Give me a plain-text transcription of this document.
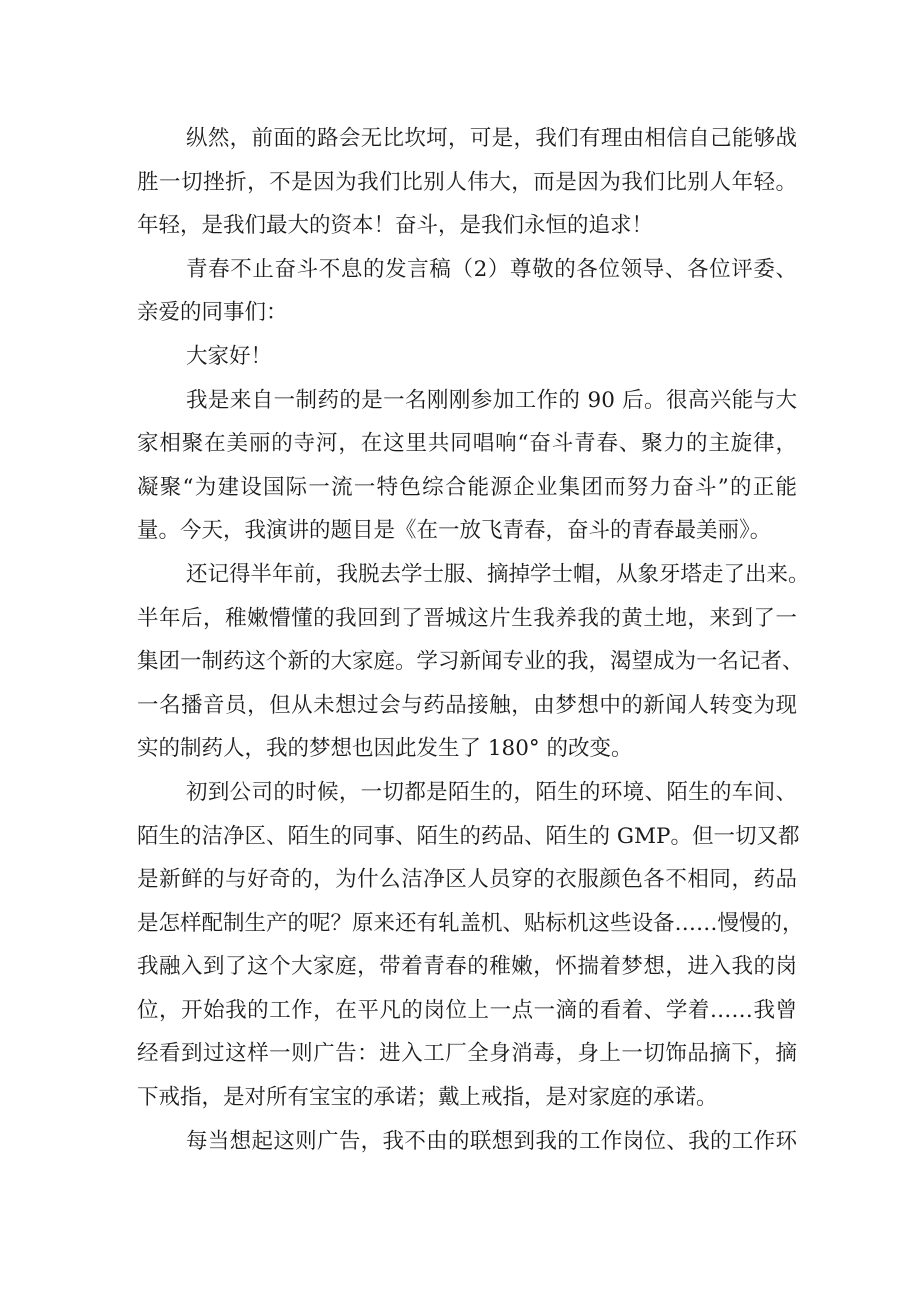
纵然，前面的路会无比坎坷，可是，我们有理由相信自己能够战
胜一切挫折，不是因为我们比别人伟大，而是因为我们比别人年轻。
年轻，是我们最大的资本！奋斗，是我们永恒的追求！
青春不止奋斗不息的发言稿（2）尊敬的各位领导、各位评委、
亲爱的同事们：
大家好！
我是来自一制药的是一名刚刚参加工作的 90 后。很高兴能与大
家相聚在美丽的寺河，在这里共同唱响“奋斗青春、聚力的主旋律，
凝聚“为建设国际一流一特色综合能源企业集团而努力奋斗”的正能
量。今天，我演讲的题目是《在一放飞青春，奋斗的青春最美丽》。
还记得半年前，我脱去学士服、摘掉学士帽，从象牙塔走了出来。
半年后，稚嫩懵懂的我回到了晋城这片生我养我的黄土地，来到了一
集团一制药这个新的大家庭。学习新闻专业的我，渴望成为一名记者、
一名播音员，但从未想过会与药品接触，由梦想中的新闻人转变为现
实的制药人，我的梦想也因此发生了 180° 的改变。
初到公司的时候，一切都是陌生的，陌生的环境、陌生的车间、
陌生的洁净区、陌生的同事、陌生的药品、陌生的 GMP。但一切又都
是新鲜的与好奇的，为什么洁净区人员穿的衣服颜色各不相同，药品
是怎样配制生产的呢？原来还有轧盖机、贴标机这些设备……慢慢的，
我融入到了这个大家庭，带着青春的稚嫩，怀揣着梦想，进入我的岗
位，开始我的工作，在平凡的岗位上一点一滴的看着、学着……我曾
经看到过这样一则广告：进入工厂全身消毒，身上一切饰品摘下，摘
下戒指，是对所有宝宝的承诺；戴上戒指，是对家庭的承诺。
每当想起这则广告，我不由的联想到我的工作岗位、我的工作环
